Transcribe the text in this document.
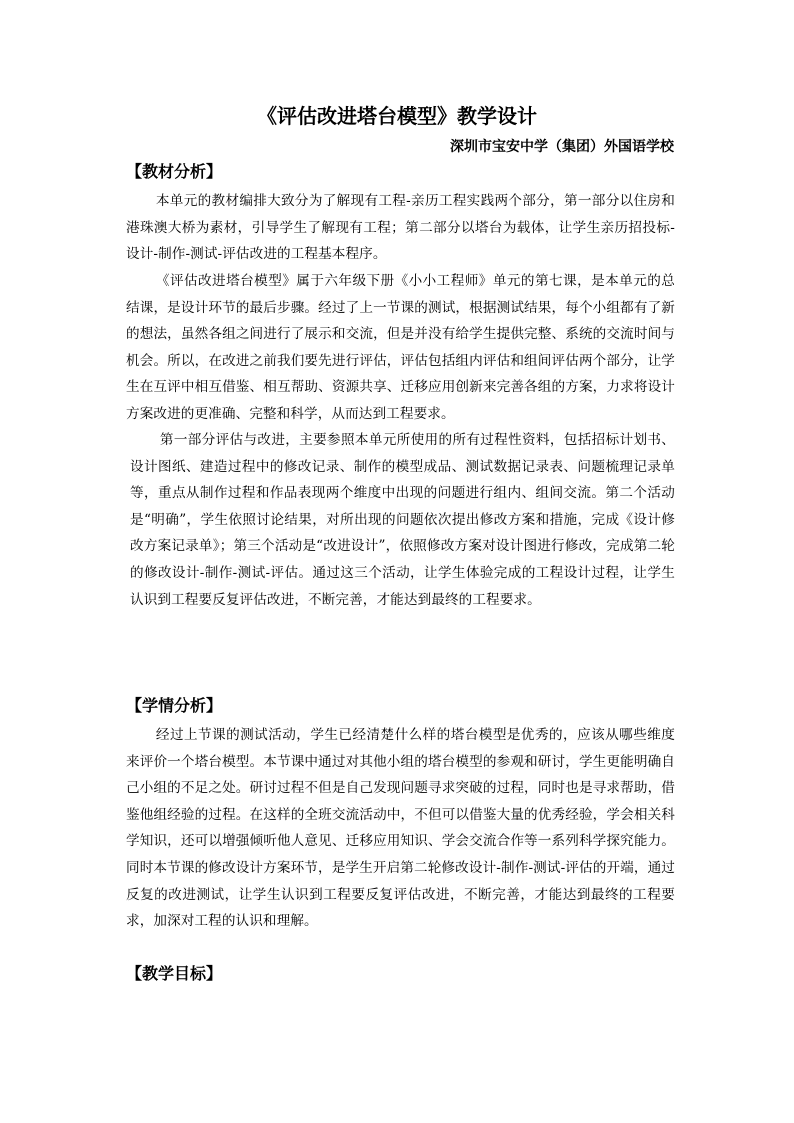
《评估改进塔台模型》教学设计
深圳市宝安中学（集团）外国语学校
【教材分析】

本单元的教材编排大致分为了解现有工程-亲历工程实践两个部分，第一部分以住房和港珠澳大桥为素材，引导学生了解现有工程；第二部分以塔台为载体，让学生亲历招投标-设计-制作-测试-评估改进的工程基本程序。

《评估改进塔台模型》属于六年级下册《小小工程师》单元的第七课，是本单元的总结课，是设计环节的最后步骤。经过了上一节课的测试，根据测试结果，每个小组都有了新的想法，虽然各组之间进行了展示和交流，但是并没有给学生提供完整、系统的交流时间与机会。所以，在改进之前我们要先进行评估，评估包括组内评估和组间评估两个部分，让学生在互评中相互借鉴、相互帮助、资源共享、迁移应用创新来完善各组的方案，力求将设计方案改进的更准确、完整和科学，从而达到工程要求。

第一部分评估与改进，主要参照本单元所使用的所有过程性资料，包括招标计划书、设计图纸、建造过程中的修改记录、制作的模型成品、测试数据记录表、问题梳理记录单等，重点从制作过程和作品表现两个维度中出现的问题进行组内、组间交流。第二个活动是“明确”，学生依照讨论结果，对所出现的问题依次提出修改方案和措施，完成《设计修改方案记录单》；第三个活动是“改进设计”，依照修改方案对设计图进行修改，完成第二轮的修改设计-制作-测试-评估。通过这三个活动，让学生体验完成的工程设计过程，让学生认识到工程要反复评估改进，不断完善，才能达到最终的工程要求。

【学情分析】

经过上节课的测试活动，学生已经清楚什么样的塔台模型是优秀的，应该从哪些维度来评价一个塔台模型。本节课中通过对其他小组的塔台模型的参观和研讨，学生更能明确自己小组的不足之处。研讨过程不但是自己发现问题寻求突破的过程，同时也是寻求帮助，借鉴他组经验的过程。在这样的全班交流活动中，不但可以借鉴大量的优秀经验，学会相关科学知识，还可以增强倾听他人意见、迁移应用知识、学会交流合作等一系列科学探究能力。同时本节课的修改设计方案环节，是学生开启第二轮修改设计-制作-测试-评估的开端，通过反复的改进测试，让学生认识到工程要反复评估改进，不断完善，才能达到最终的工程要求，加深对工程的认识和理解。

【教学目标】
